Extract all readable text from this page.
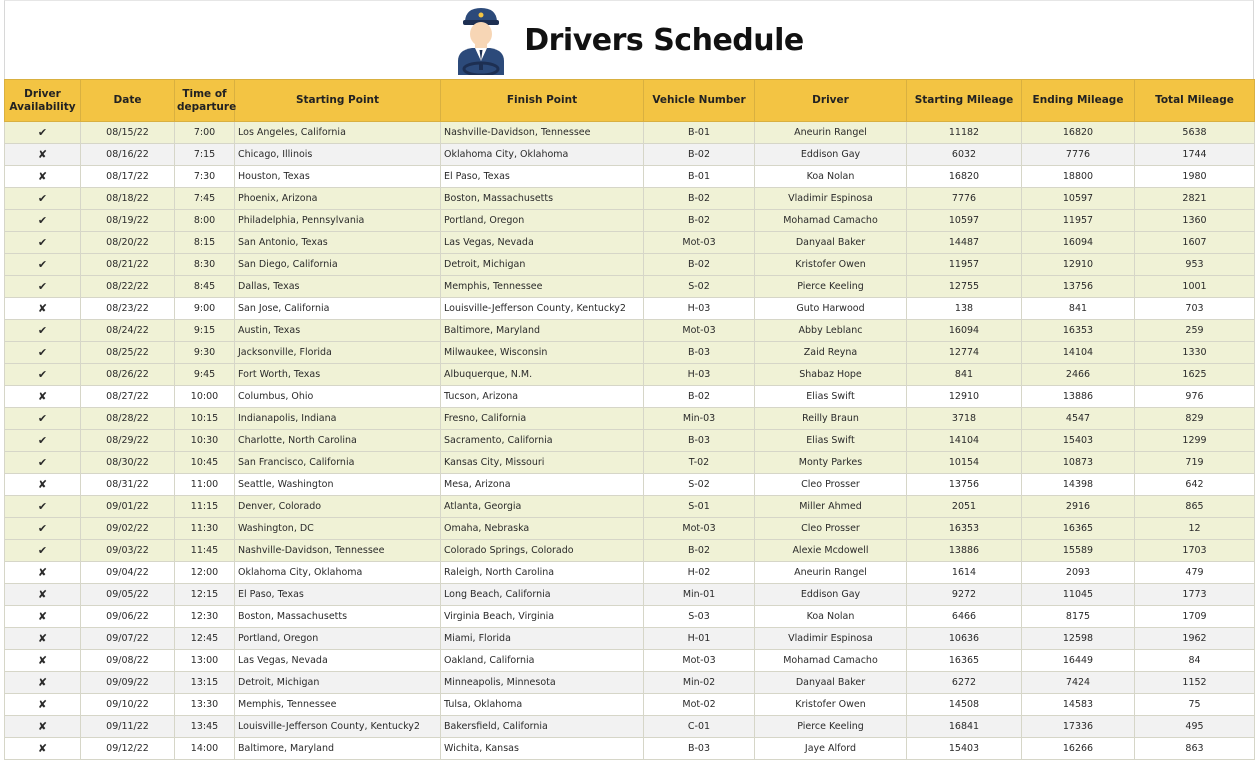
Drivers Schedule
Driver Availability	Date	Time of departure	Starting Point	Finish Point	Vehicle Number	Driver	Starting Mileage	Ending Mileage	Total Mileage
✔	08/15/22	7:00	Los Angeles, California	Nashville-Davidson, Tennessee	B-01	Aneurin Rangel	11182	16820	5638
✘	08/16/22	7:15	Chicago, Illinois	Oklahoma City, Oklahoma	B-02	Eddison Gay	6032	7776	1744
✘	08/17/22	7:30	Houston, Texas	El Paso, Texas	B-01	Koa Nolan	16820	18800	1980
✔	08/18/22	7:45	Phoenix, Arizona	Boston, Massachusetts	B-02	Vladimir Espinosa	7776	10597	2821
✔	08/19/22	8:00	Philadelphia, Pennsylvania	Portland, Oregon	B-02	Mohamad Camacho	10597	11957	1360
✔	08/20/22	8:15	San Antonio, Texas	Las Vegas, Nevada	Mot-03	Danyaal Baker	14487	16094	1607
✔	08/21/22	8:30	San Diego, California	Detroit, Michigan	B-02	Kristofer Owen	11957	12910	953
✔	08/22/22	8:45	Dallas, Texas	Memphis, Tennessee	S-02	Pierce Keeling	12755	13756	1001
✘	08/23/22	9:00	San Jose, California	Louisville-Jefferson County, Kentucky2	H-03	Guto Harwood	138	841	703
✔	08/24/22	9:15	Austin, Texas	Baltimore, Maryland	Mot-03	Abby Leblanc	16094	16353	259
✔	08/25/22	9:30	Jacksonville, Florida	Milwaukee, Wisconsin	B-03	Zaid Reyna	12774	14104	1330
✔	08/26/22	9:45	Fort Worth, Texas	Albuquerque, N.M.	H-03	Shabaz Hope	841	2466	1625
✘	08/27/22	10:00	Columbus, Ohio	Tucson, Arizona	B-02	Elias Swift	12910	13886	976
✔	08/28/22	10:15	Indianapolis, Indiana	Fresno, California	Min-03	Reilly Braun	3718	4547	829
✔	08/29/22	10:30	Charlotte, North Carolina	Sacramento, California	B-03	Elias Swift	14104	15403	1299
✔	08/30/22	10:45	San Francisco, California	Kansas City, Missouri	T-02	Monty Parkes	10154	10873	719
✘	08/31/22	11:00	Seattle, Washington	Mesa, Arizona	S-02	Cleo Prosser	13756	14398	642
✔	09/01/22	11:15	Denver, Colorado	Atlanta, Georgia	S-01	Miller Ahmed	2051	2916	865
✔	09/02/22	11:30	Washington, DC	Omaha, Nebraska	Mot-03	Cleo Prosser	16353	16365	12
✔	09/03/22	11:45	Nashville-Davidson, Tennessee	Colorado Springs, Colorado	B-02	Alexie Mcdowell	13886	15589	1703
✘	09/04/22	12:00	Oklahoma City, Oklahoma	Raleigh, North Carolina	H-02	Aneurin Rangel	1614	2093	479
✘	09/05/22	12:15	El Paso, Texas	Long Beach, California	Min-01	Eddison Gay	9272	11045	1773
✘	09/06/22	12:30	Boston, Massachusetts	Virginia Beach, Virginia	S-03	Koa Nolan	6466	8175	1709
✘	09/07/22	12:45	Portland, Oregon	Miami, Florida	H-01	Vladimir Espinosa	10636	12598	1962
✘	09/08/22	13:00	Las Vegas, Nevada	Oakland, California	Mot-03	Mohamad Camacho	16365	16449	84
✘	09/09/22	13:15	Detroit, Michigan	Minneapolis, Minnesota	Min-02	Danyaal Baker	6272	7424	1152
✘	09/10/22	13:30	Memphis, Tennessee	Tulsa, Oklahoma	Mot-02	Kristofer Owen	14508	14583	75
✘	09/11/22	13:45	Louisville-Jefferson County, Kentucky2	Bakersfield, California	C-01	Pierce Keeling	16841	17336	495
✘	09/12/22	14:00	Baltimore, Maryland	Wichita, Kansas	B-03	Jaye Alford	15403	16266	863
